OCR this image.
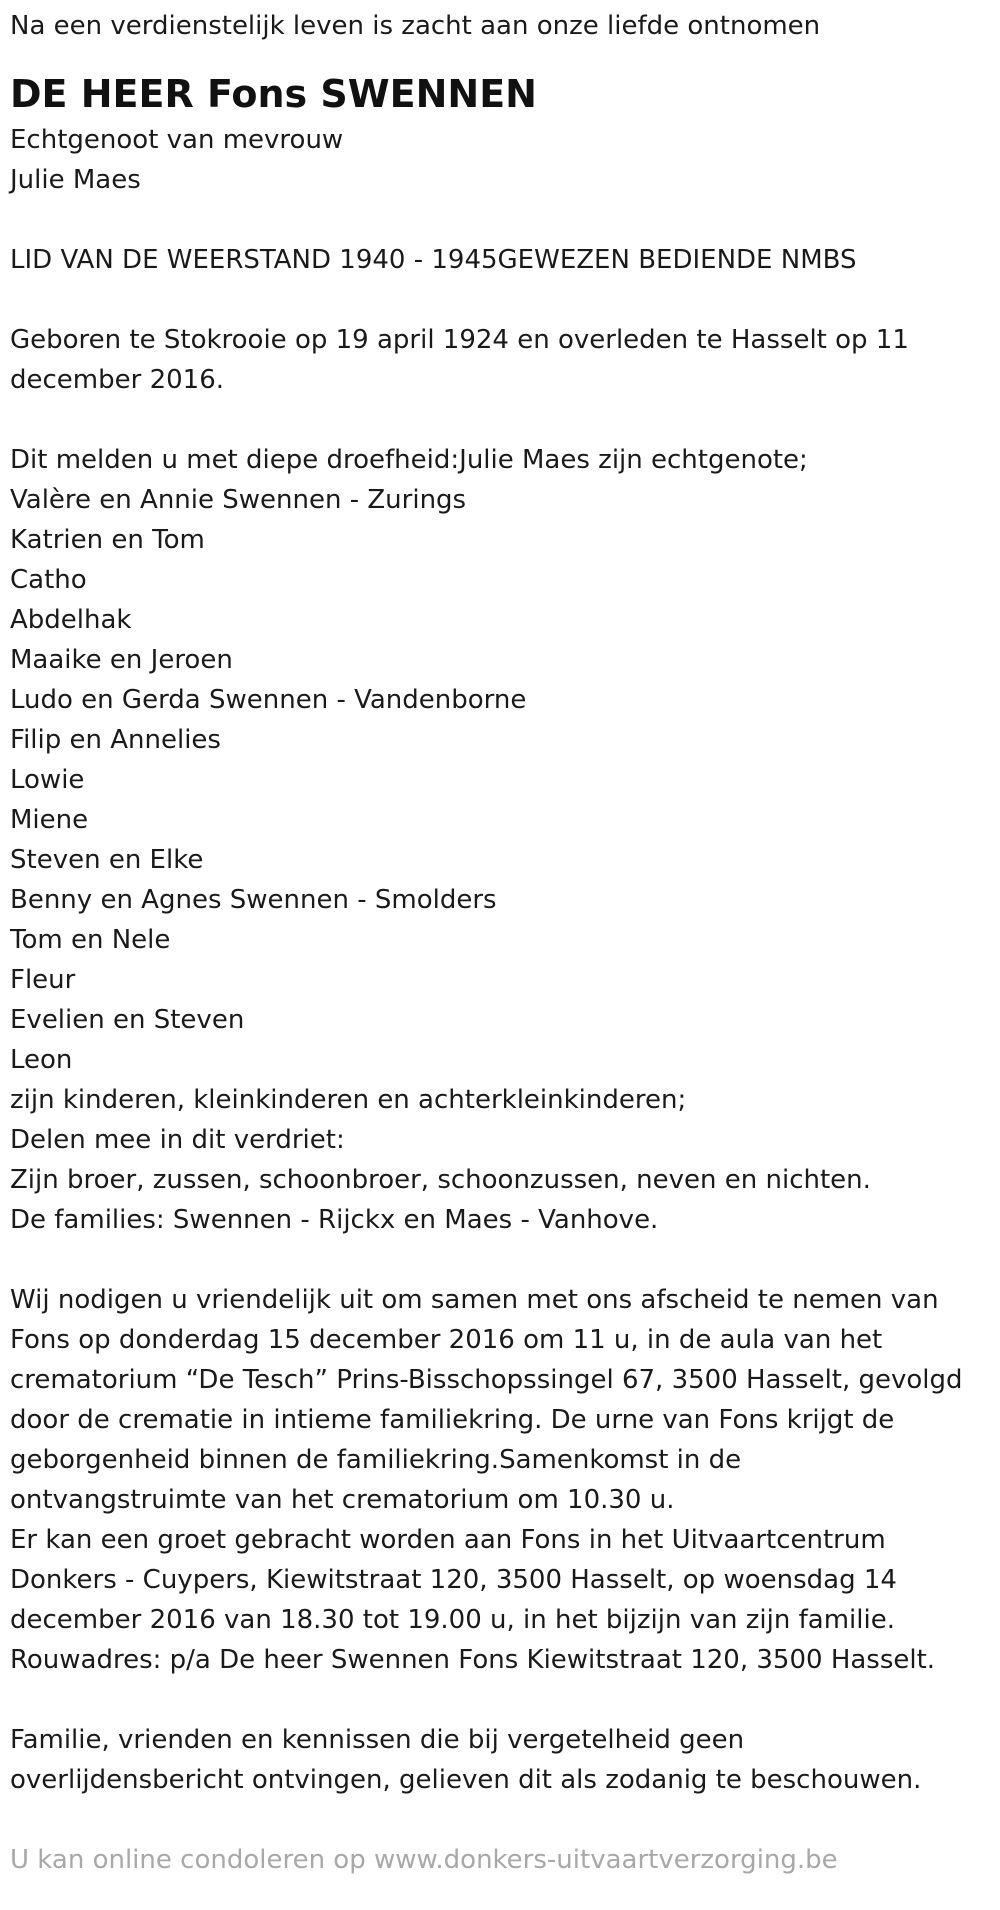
Na een verdienstelijk leven is zacht aan onze liefde ontnomen

DE HEER Fons SWENNEN

Echtgenoot van mevrouw

Julie Maes

LID VAN DE WEERSTAND 1940 - 1945GEWEZEN BEDIENDE NMBS

Geboren te Stokrooie op 19 april 1924 en overleden te Hasselt op 11

december 2016.

Dit melden u met diepe droefheid:Julie Maes zijn echtgenote;

Valère en Annie Swennen - Zurings

Katrien en Tom

Catho

Abdelhak

Maaike en Jeroen

Ludo en Gerda Swennen - Vandenborne

Filip en Annelies

Lowie

Miene

Steven en Elke

Benny en Agnes Swennen - Smolders

Tom en Nele

Fleur

Evelien en Steven

Leon

zijn kinderen, kleinkinderen en achterkleinkinderen;

Delen mee in dit verdriet:

Zijn broer, zussen, schoonbroer, schoonzussen, neven en nichten.

De families: Swennen - Rijckx en Maes - Vanhove.

Wij nodigen u vriendelijk uit om samen met ons afscheid te nemen van

Fons op donderdag 15 december 2016 om 11 u, in de aula van het

crematorium “De Tesch” Prins-Bisschopssingel 67, 3500 Hasselt, gevolgd

door de crematie in intieme familiekring. De urne van Fons krijgt de

geborgenheid binnen de familiekring.Samenkomst in de

ontvangstruimte van het crematorium om 10.30 u.

Er kan een groet gebracht worden aan Fons in het Uitvaartcentrum

Donkers - Cuypers, Kiewitstraat 120, 3500 Hasselt, op woensdag 14

december 2016 van 18.30 tot 19.00 u, in het bijzijn van zijn familie.

Rouwadres: p/a De heer Swennen Fons Kiewitstraat 120, 3500 Hasselt.

Familie, vrienden en kennissen die bij vergetelheid geen

overlijdensbericht ontvingen, gelieven dit als zodanig te beschouwen.

U kan online condoleren op www.donkers-uitvaartverzorging.be
